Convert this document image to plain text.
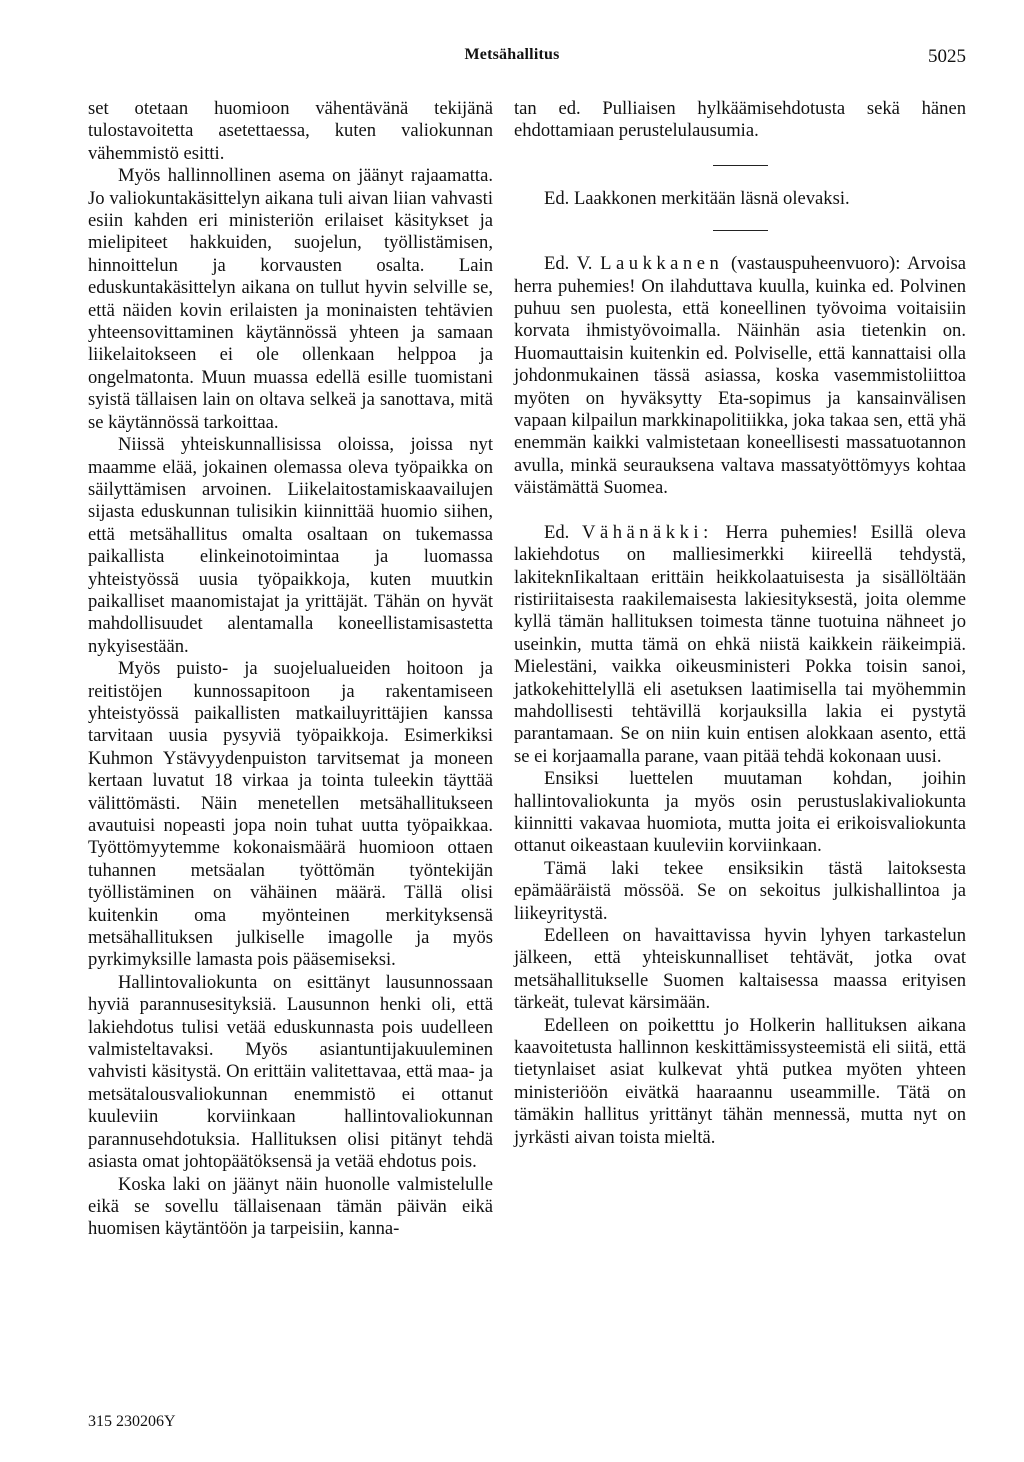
Metsähallitus	5025

set otetaan huomioon vähentävänä tekijänä tulostavoitetta asetettaessa, kuten valiokunnan vähemmistö esitti.

Myös hallinnollinen asema on jäänyt rajaamatta. Jo valiokuntakäsittelyn aikana tuli aivan liian vahvasti esiin kahden eri ministeriön erilaiset käsitykset ja mielipiteet hakkuiden, suojelun, työllistämisen, hinnoittelun ja korvausten osalta. Lain eduskuntakäsittelyn aikana on tullut hyvin selville se, että näiden kovin erilaisten ja moninaisten tehtävien yhteensovittaminen käytännössä yhteen ja samaan liikelaitokseen ei ole ollenkaan helppoa ja ongelmatonta. Muun muassa edellä esille tuomistani syistä tällaisen lain on oltava selkeä ja sanottava, mitä se käytännössä tarkoittaa.

Niissä yhteiskunnallisissa oloissa, joissa nyt maamme elää, jokainen olemassa oleva työpaikka on säilyttämisen arvoinen. Liikelaitostamiskaavailujen sijasta eduskunnan tulisikin kiinnittää huomio siihen, että metsähallitus omalta osaltaan on tukemassa paikallista elinkeinotoimintaa ja luomassa yhteistyössä uusia työpaikkoja, kuten muutkin paikalliset maanomistajat ja yrittäjät. Tähän on hyvät mahdollisuudet alentamalla koneellistamisastetta nykyisestään.

Myös puisto- ja suojelualueiden hoitoon ja reitistöjen kunnossapitoon ja rakentamiseen yhteistyössä paikallisten matkailuyrittäjien kanssa tarvitaan uusia pysyviä työpaikkoja. Esimerkiksi Kuhmon Ystävyydenpuiston tarvitsemat ja moneen kertaan luvatut 18 virkaa ja tointa tuleekin täyttää välittömästi. Näin menetellen metsähallitukseen avautuisi nopeasti jopa noin tuhat uutta työpaikkaa. Työttömyytemme kokonaismäärä huomioon ottaen tuhannen metsäalan työttömän työntekijän työllistäminen on vähäinen määrä. Tällä olisi kuitenkin oma myönteinen merkityksensä metsähallituksen julkiselle imagolle ja myös pyrkimyksille lamasta pois pääsemiseksi.

Hallintovaliokunta on esittänyt lausunnossaan hyviä parannusesityksiä. Lausunnon henki oli, että lakiehdotus tulisi vetää eduskunnasta pois uudelleen valmisteltavaksi. Myös asiantuntijakuuleminen vahvisti käsitystä. On erittäin valitettavaa, että maa- ja metsätalousvaliokunnan enemmistö ei ottanut kuuleviin korviinkaan hallintovaliokunnan parannusehdotuksia. Hallituksen olisi pitänyt tehdä asiasta omat johtopäätöksensä ja vetää ehdotus pois.

Koska laki on jäänyt näin huonolle valmistelulle eikä se sovellu tällaisenaan tämän päivän eikä huomisen käytäntöön ja tarpeisiin, kanna-

tan ed. Pulliaisen hylkäämisehdotusta sekä hänen ehdottamiaan perustelulausumia.

Ed. Laakkonen merkitään läsnä olevaksi.

Ed. V. Laukkanen (vastauspuheenvuoro): Arvoisa herra puhemies! On ilahduttava kuulla, kuinka ed. Polvinen puhuu sen puolesta, että koneellinen työvoima voitaisiin korvata ihmistyövoimalla. Näinhän asia tietenkin on. Huomauttaisin kuitenkin ed. Polviselle, että kannattaisi olla johdonmukainen tässä asiassa, koska vasemmistoliittoa myöten on hyväksytty Eta-sopimus ja kansainvälisen vapaan kilpailun markkinapolitiikka, joka takaa sen, että yhä enemmän kaikki valmistetaan koneellisesti massatuotannon avulla, minkä seurauksena valtava massatyöttömyys kohtaa väistämättä Suomea.

Ed. Vähänäkki: Herra puhemies! Esillä oleva lakiehdotus on malliesimerkki kiireellä tehdystä, lakiteknIikaltaan erittäin heikkolaatuisesta ja sisällöltään ristiriitaisesta raakilemaisesta lakiesityksestä, joita olemme kyllä tämän hallituksen toimesta tänne tuotuina nähneet jo useinkin, mutta tämä on ehkä niistä kaikkein räikeimpiä. Mielestäni, vaikka oikeusministeri Pokka toisin sanoi, jatkokehittelyllä eli asetuksen laatimisella tai myöhemmin mahdollisesti tehtävillä korjauksilla lakia ei pystytä parantamaan. Se on niin kuin entisen alokkaan asento, että se ei korjaamalla parane, vaan pitää tehdä kokonaan uusi.

Ensiksi luettelen muutaman kohdan, joihin hallintovaliokunta ja myös osin perustuslakivaliokunta kiinnitti vakavaa huomiota, mutta joita ei erikoisvaliokunta ottanut oikeastaan kuuleviin korviinkaan.

Tämä laki tekee ensiksikin tästä laitoksesta epämääräistä mössöä. Se on sekoitus julkishallintoa ja liikeyritystä.

Edelleen on havaittavissa hyvin lyhyen tarkastelun jälkeen, että yhteiskunnalliset tehtävät, jotka ovat metsähallitukselle Suomen kaltaisessa maassa erityisen tärkeät, tulevat kärsimään.

Edelleen on poiketttu jo Holkerin hallituksen aikana kaavoitetusta hallinnon keskittämissysteemistä eli siitä, että tietynlaiset asiat kulkevat yhtä putkea myöten yhteen ministeriöön eivätkä haaraannu useammille. Tätä on tämäkin hallitus yrittänyt tähän mennessä, mutta nyt on jyrkästi aivan toista mieltä.

315 230206Y
